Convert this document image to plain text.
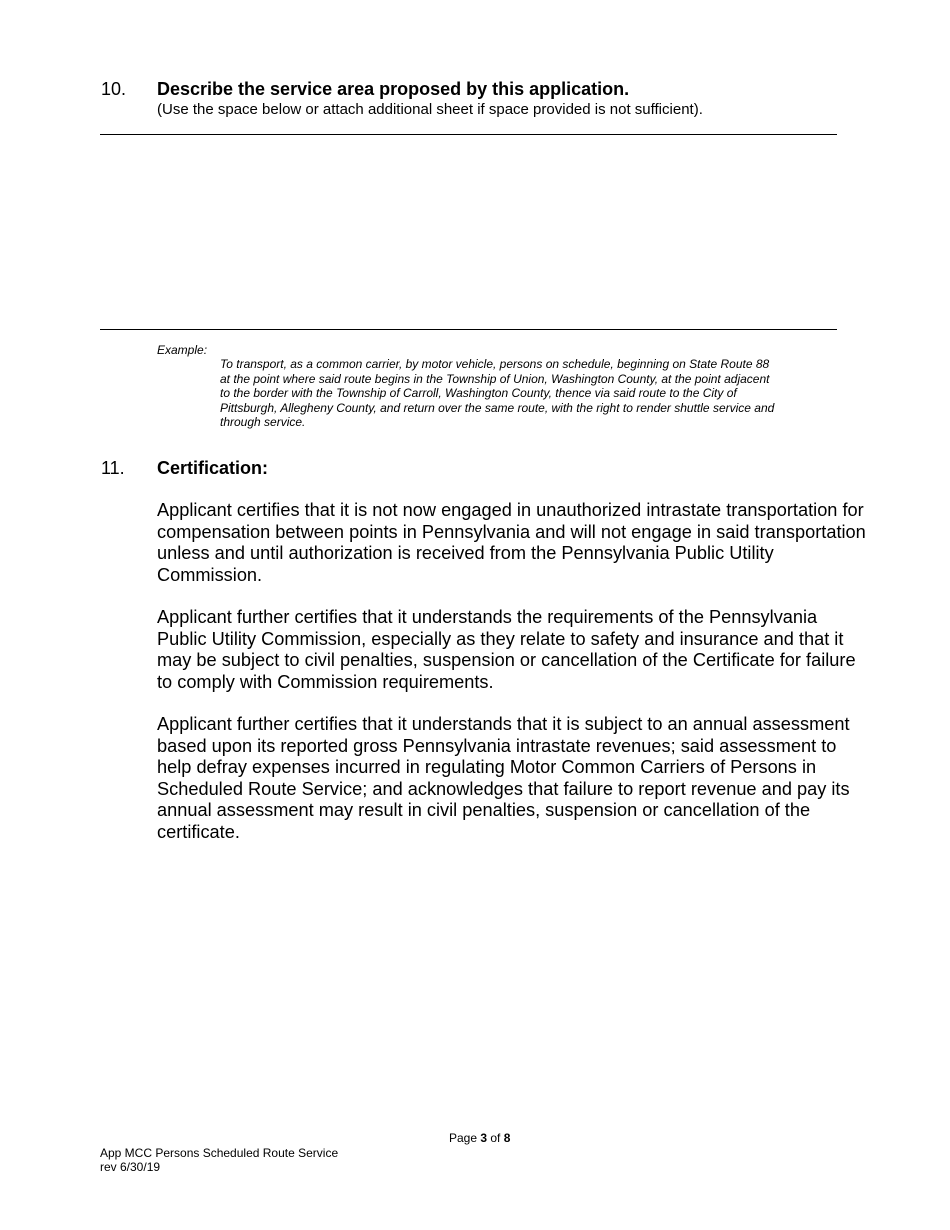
10. Describe the service area proposed by this application.
(Use the space below or attach additional sheet if space provided is not sufficient).
Example:
To transport, as a common carrier, by motor vehicle, persons on schedule, beginning on State Route 88 at the point where said route begins in the Township of Union, Washington County, at the point adjacent to the border with the Township of Carroll, Washington County, thence via said route to the City of Pittsburgh, Allegheny County, and return over the same route, with the right to render shuttle service and through service.
11. Certification:
Applicant certifies that it is not now engaged in unauthorized intrastate transportation for compensation between points in Pennsylvania and will not engage in said transportation unless and until authorization is received from the Pennsylvania Public Utility Commission.
Applicant further certifies that it understands the requirements of the Pennsylvania Public Utility Commission, especially as they relate to safety and insurance and that it may be subject to civil penalties, suspension or cancellation of the Certificate for failure to comply with Commission requirements.
Applicant further certifies that it understands that it is subject to an annual assessment based upon its reported gross Pennsylvania intrastate revenues; said assessment to help defray expenses incurred in regulating Motor Common Carriers of Persons in Scheduled Route Service; and acknowledges that failure to report revenue and pay its annual assessment may result in civil penalties, suspension or cancellation of the certificate.
Page 3 of 8
App MCC Persons Scheduled Route Service
rev 6/30/19
